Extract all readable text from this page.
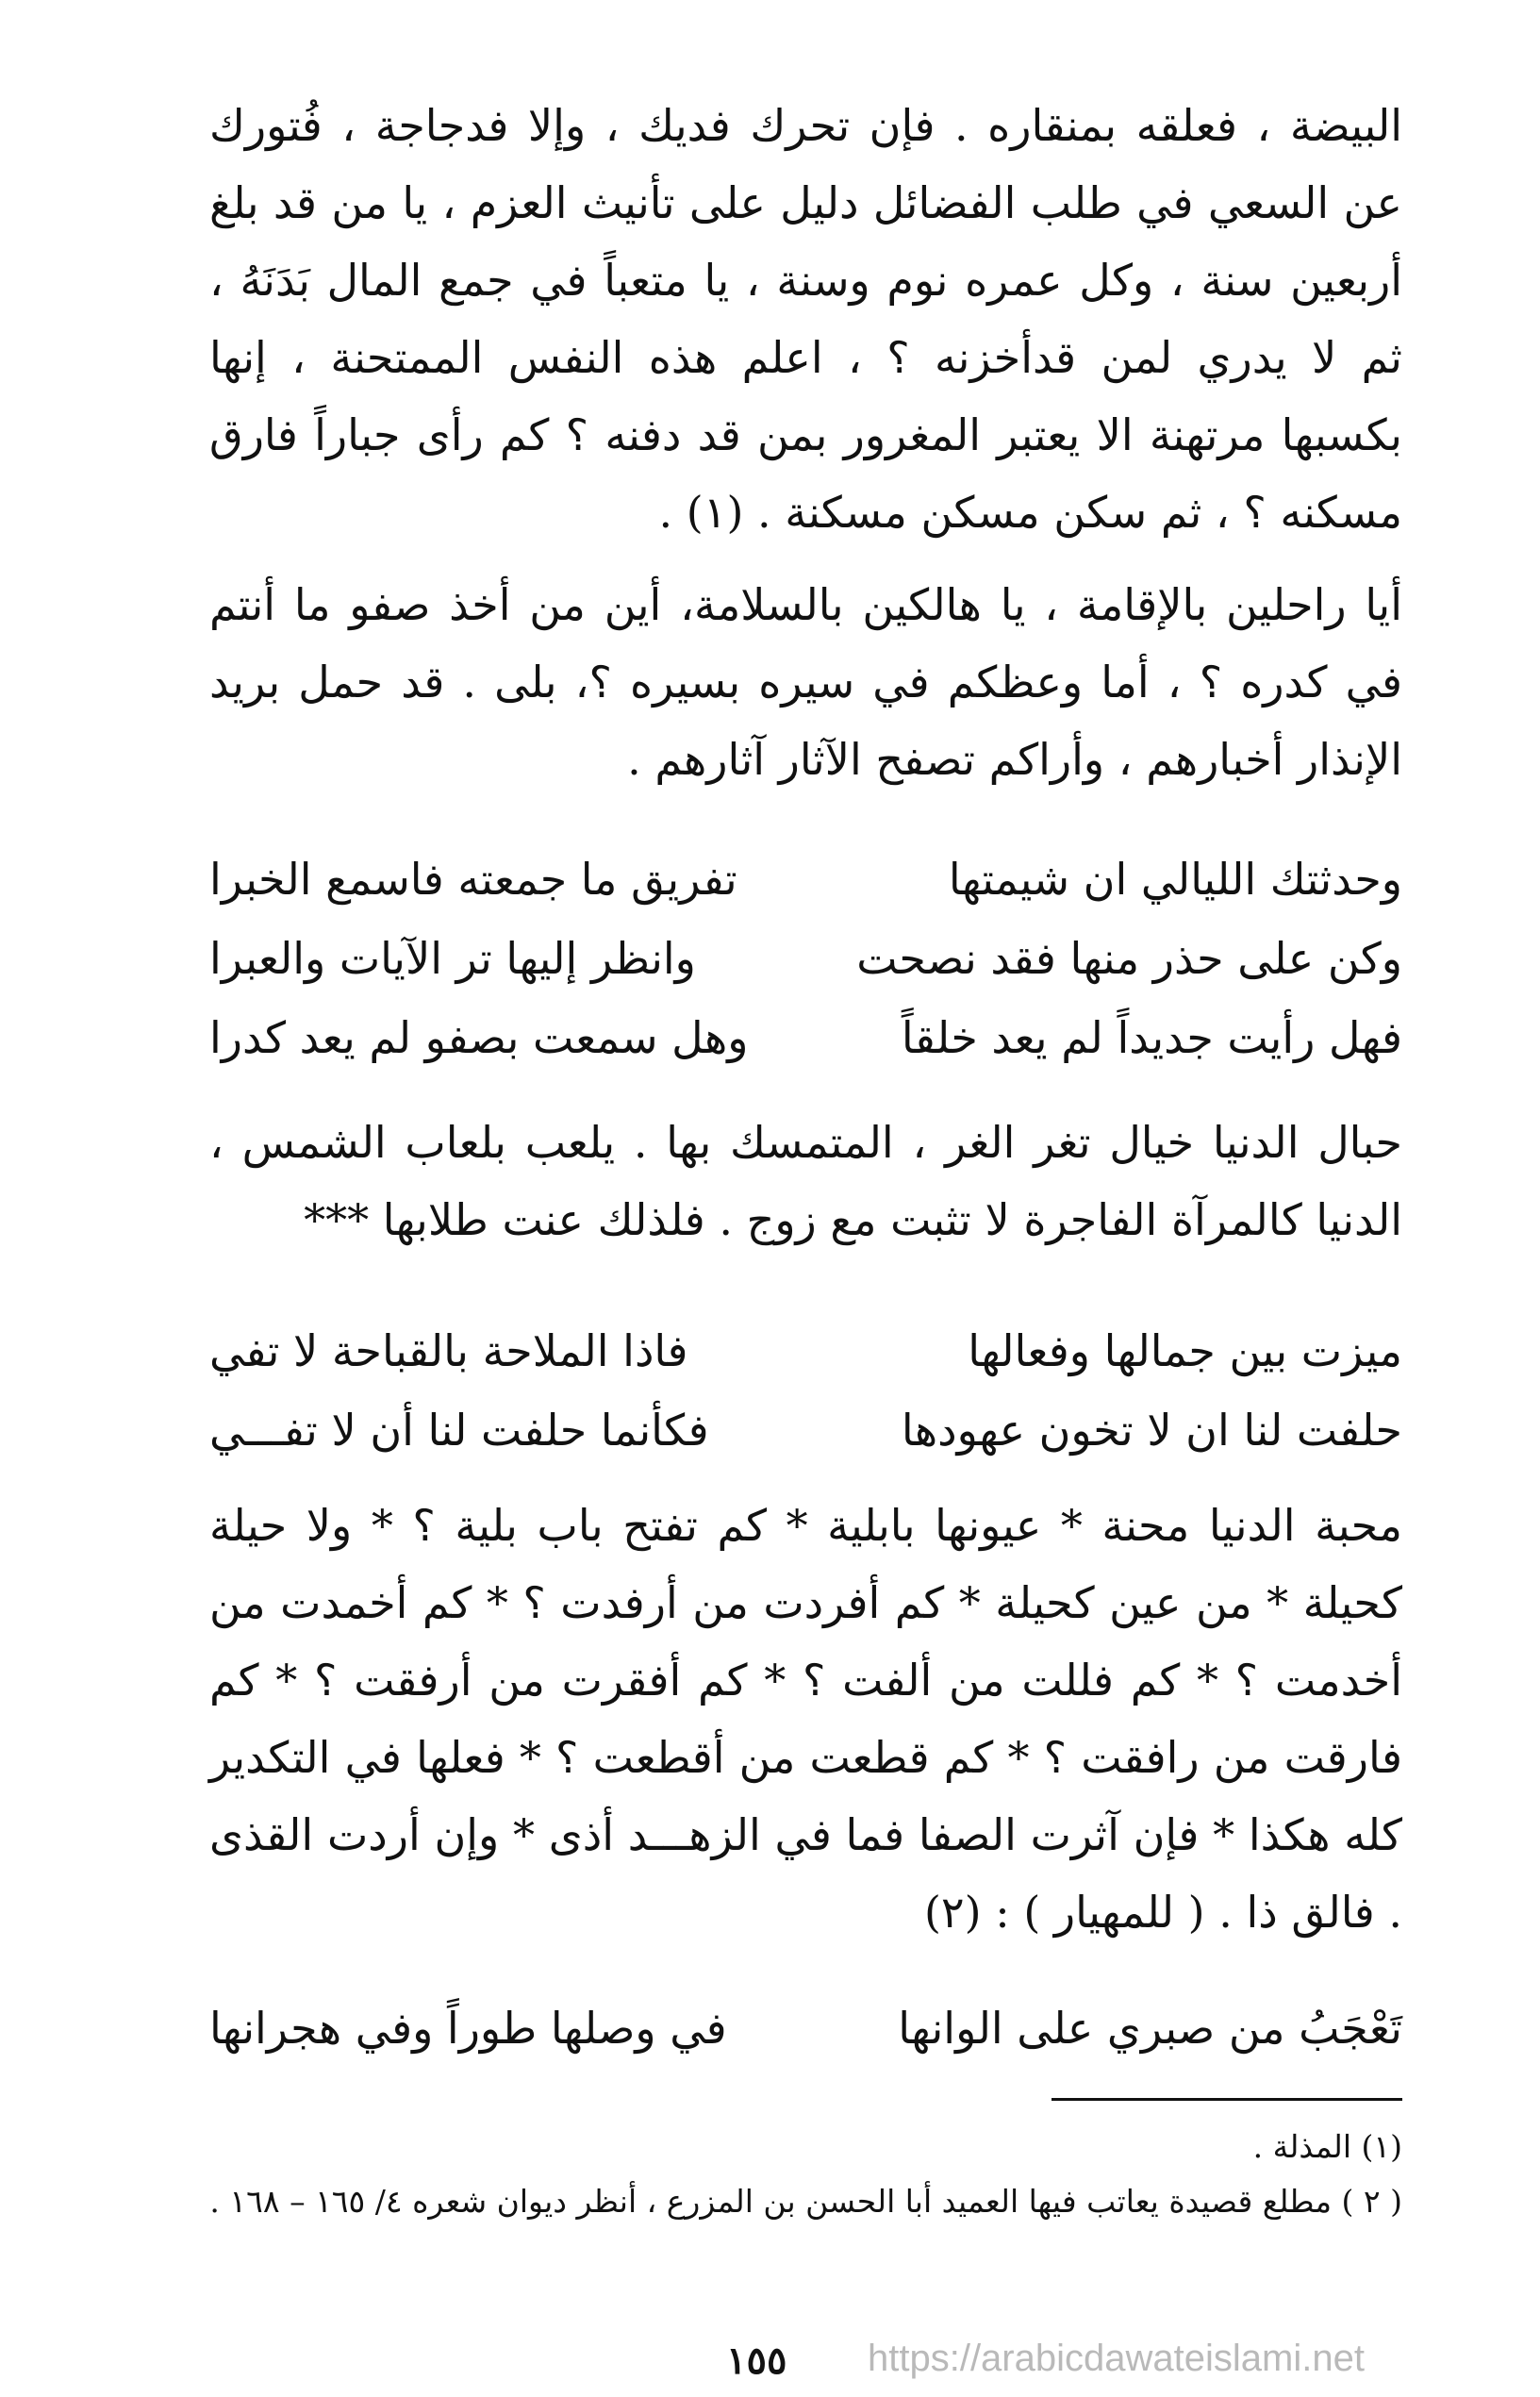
البيضة ، فعلقه بمنقاره . فإن تحرك فديك ، وإلا فدجاجة ، فُتورك عن السعي في طلب الفضائل دليل على تأنيث العزم ، يا من قد بلغ أربعين سنة ، وكل عمره نوم وسنة ، يا متعباً في جمع المال بَدَنَهُ ، ثم لا يدري لمن قدأخزنه ؟ ، اعلم هذه النفس الممتحنة ، إنها بكسبها مرتهنة الا يعتبر المغرور بمن قد دفنه ؟ كم رأى جباراً فارق مسكنه ؟ ، ثم سكن مسكن مسكنة . (١) .

أيا راحلين بالإقامة ، يا هالكين بالسلامة، أين من أخذ صفو ما أنتم في كدره ؟ ، أما وعظكم في سيره بسيره ؟، بلى . قد حمل بريد الإنذار أخبارهم ، وأراكم تصفح الآثار آثارهم .

وحدثتك الليالي ان شيمتها
تفريق ما جمعته فاسمع الخبرا
وكن على حذر منها فقد نصحت
وانظر إليها تر الآيات والعبرا
فهل رأيت جديداً لم يعد خلقاً
وهل سمعت بصفو لم يعد كدرا

حبال الدنيا خيال تغر الغر ، المتمسك بها . يلعب بلعاب الشمس ، الدنيا كالمرآة الفاجرة لا تثبت مع زوج . فلذلك عنت طلابها ***

ميزت بين جمالها وفعالها
فاذا الملاحة بالقباحة لا تفي
حلفت لنا ان لا تخون عهودها
فكأنما حلفت لنا أن لا تفـــي

محبة الدنيا محنة * عيونها بابلية * كم تفتح باب بلية ؟ * ولا حيلة كحيلة * من عين كحيلة * كم أفردت من أرفدت ؟ * كم أخمدت من أخدمت ؟ * كم فللت من ألفت ؟ * كم أفقرت من أرفقت ؟ * كم فارقت من رافقت ؟ * كم قطعت من أقطعت ؟ * فعلها في التكدير كله هكذا * فإن آثرت الصفا فما في الزهـــد أذى * وإن أردت القذى . فالق ذا . ( للمهيار ) : (٢)

تَعْجَبُ من صبري على الوانها
في وصلها طوراً وفي هجرانها

(١) المذلة .

( ٢ ) مطلع قصيدة يعاتب فيها العميد أبا الحسن بن المزرع ، أنظر ديوان شعره ٤/ ١٦٥ – ١٦٨ .

١٥٥ https://arabicdawateislami.net
